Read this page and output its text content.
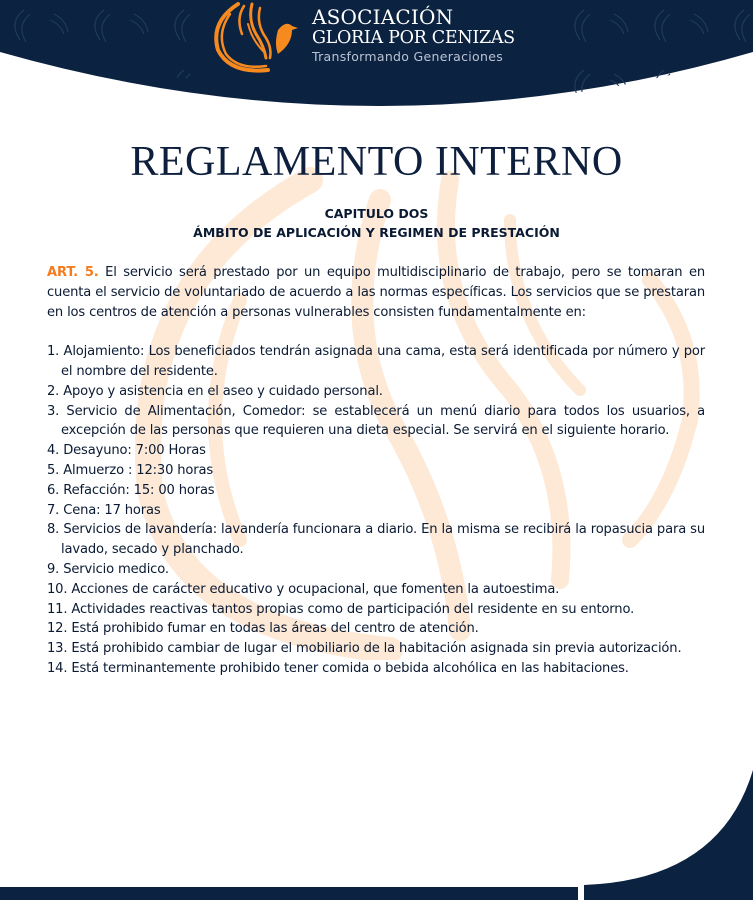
ASOCIACIÓN
GLORIA POR CENIZAS
Transformando Generaciones
REGLAMENTO INTERNO
CAPITULO DOS
ÁMBITO DE APLICACIÓN Y REGIMEN DE PRESTACIÓN

ART. 5. El servicio será prestado por un equipo multidisciplinario de trabajo, pero se tomaran en cuenta el servicio de voluntariado de acuerdo a las normas específicas. Los servicios que se prestaran en los centros de atención a personas vulnerables consisten fundamentalmente en:

1. Alojamiento: Los beneficiados tendrán asignada una cama, esta será identificada por número y por el nombre del residente.
2. Apoyo y asistencia en el aseo y cuidado personal.
3. Servicio de Alimentación, Comedor: se establecerá un menú diario para todos los usuarios, a excepción de las personas que requieren una dieta especial. Se servirá en el siguiente horario.
4. Desayuno: 7:00 Horas
5. Almuerzo : 12:30 horas
6. Refacción: 15: 00 horas
7. Cena: 17 horas
8. Servicios de lavandería: lavandería funcionara a diario. En la misma se recibirá la ropasucia para su lavado, secado y planchado.
9. Servicio medico.
10. Acciones de carácter educativo y ocupacional, que fomenten la autoestima.
11. Actividades reactivas tantos propias como de participación del residente en su entorno.
12. Está prohibido fumar en todas las áreas del centro de atención.
13. Está prohibido cambiar de lugar el mobiliario de la habitación asignada sin previa autorización.
14. Está terminantemente prohibido tener comida o bebida alcohólica en las habitaciones.
